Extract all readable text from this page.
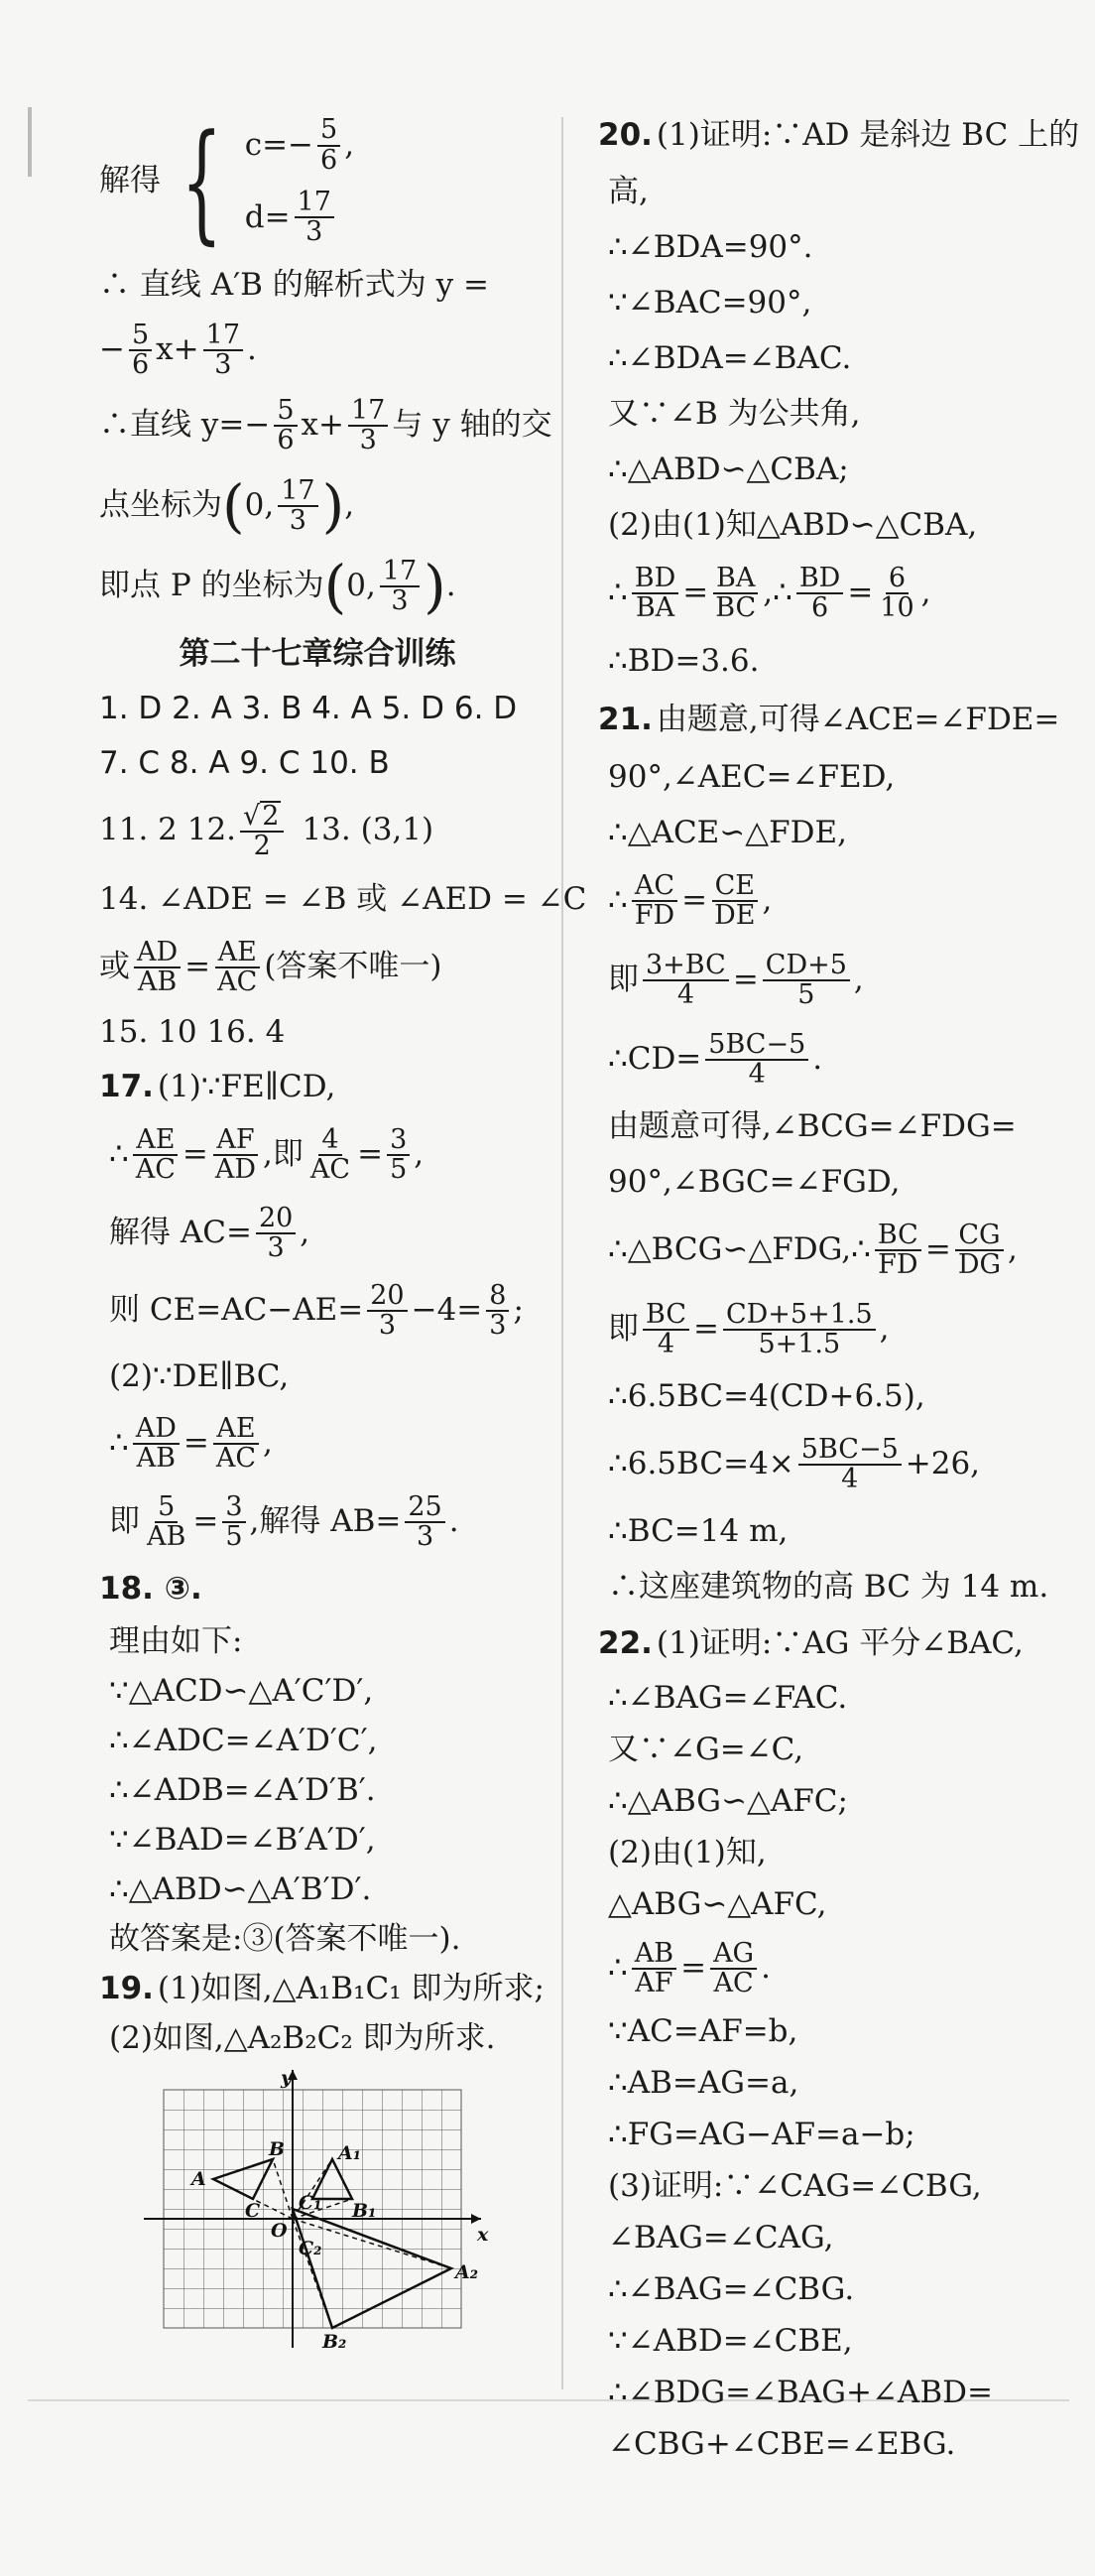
解得 { $c=- \frac{5}{6}$ ,
$d= \frac{17}{3}$
∴ 直线 A′B 的解析式为 y =
− $\frac{5}{6} x+ \frac{17}{3}$ .
∴直线 $y=- \frac{5}{6} x+ \frac{17}{3}$ 与 y 轴的交
点坐标为 ( 0, $\frac{17}{3}$ ) ,
即点 P 的坐标为 ( 0, $\frac{17}{3}$ ) .
第二十七章综合训练
1. D 2. A 3. B 4. A 5. D 6. D
7. C 8. A 9. C 10. B
11. 2 12. $\frac{√ 2}{2} 13$. (3,1)
14. ∠ADE = ∠B 或 ∠AED = ∠C
或 $\frac{AD}{AB} = \frac{AE}{AC}$ (答案不唯一)
15. 10 16. 4
17. (1)∵FE∥CD,
∴ $\frac{AE}{AC} = \frac{AF}{AD}$ ,即 $\frac{4}{AC} = \frac{3}{5}$ ,
解得 $AC= \frac{20}{3}$ ,
则 $CE=AC-AE= \frac{20}{3} -4= \frac{8}{3}$ ;
(2)∵DE∥BC,
∴ $\frac{AD}{AB} = \frac{AE}{AC}$ ,
即 $\frac{5}{AB} = \frac{3}{5}$ ,解得 $AB= \frac{25}{3}$ .
18. ③.
理由如下:
∵△ACD∽△A′C′D′,
∴∠ADC=∠A′D′C′,
∴∠ADB=∠A′D′B′.
∵∠BAD=∠B′A′D′,
∴△ABD∽△A′B′D′.
故答案是:③(答案不唯一).
19. (1)如图,△A₁B₁C₁ 即为所求;
(2)如图,△A₂B₂C₂ 即为所求.
y
x
A
B
C
O
A₁
B₁
C₁
A₂
B₂
C₂
20. (1)证明:∵AD 是斜边 BC 上的
高,
∴∠BDA=90°.
∵∠BAC=90°,
∴∠BDA=∠BAC.
又∵∠B 为公共角,
∴△ABD∽△CBA;
(2)由(1)知△ABD∽△CBA,
∴ $\frac{BD}{BA} = \frac{BA}{BC}$ ,∴ $\frac{BD}{6} = \frac{6}{10}$ ,
∴BD=3.6.
21. 由题意,可得∠ACE=∠FDE=
90°,∠AEC=∠FED,
∴△ACE∽△FDE,
∴ $\frac{AC}{FD} = \frac{CE}{DE}$ ,
即 $\frac{3+BC}{4} = \frac{CD+5}{5}$ ,
∴CD= $\frac{5BC-5}{4}$ .
由题意可得,∠BCG=∠FDG=
90°,∠BGC=∠FGD,
∴△BCG∽△FDG,∴ $\frac{BC}{FD} = \frac{CG}{DG}$ ,
即 $\frac{BC}{4} = \frac{CD+5+1.5}{5+1.5}$ ,
∴6.5BC=4(CD+6.5),
∴6.5BC=4× $\frac{5BC-5}{4} +26$,
∴BC=14 m,
∴这座建筑物的高 BC 为 14 m.
22. (1)证明:∵AG 平分∠BAC,
∴∠BAG=∠FAC.
又∵∠G=∠C,
∴△ABG∽△AFC;
(2)由(1)知,
△ABG∽△AFC,
∴ $\frac{AB}{AF} = \frac{AG}{AC}$ .
∵AC=AF=b,
∴AB=AG=a,
∴FG=AG−AF=a−b;
(3)证明:∵∠CAG=∠CBG,
∠BAG=∠CAG,
∴∠BAG=∠CBG.
∵∠ABD=∠CBE,
∴∠BDG=∠BAG+∠ABD=
∠CBG+∠CBE=∠EBG.
